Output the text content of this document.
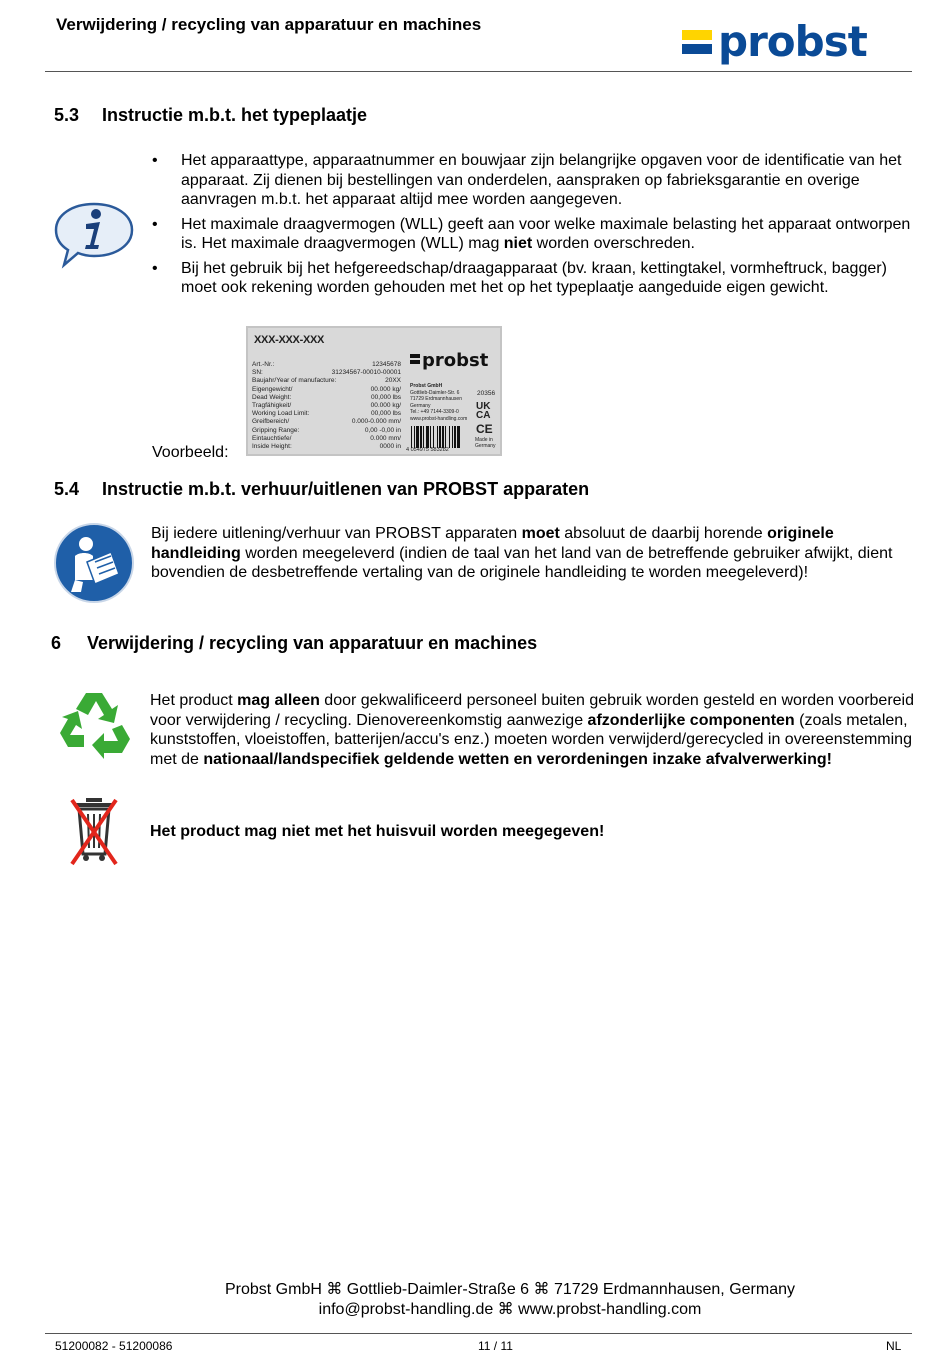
Verwijdering / recycling van apparatuur en machines	probst
5.3 Instructie m.b.t. het typeplaatje
• Het apparaattype, apparaatnummer en bouwjaar zijn belangrijke opgaven voor de identificatie van het apparaat. Zij dienen bij bestellingen van onderdelen, aanspraken op fabrieksgarantie en overige aanvragen m.b.t. het apparaat altijd mee worden aangegeven.
• Het maximale draagvermogen (WLL) geeft aan voor welke maximale belasting het apparaat ontworpen is. Het maximale draagvermogen (WLL) mag niet worden overschreden.
• Bij het gebruik bij het hefgereedschap/draagapparaat (bv. kraan, kettingtakel, vormheftruck, bagger) moet ook rekening worden gehouden met het op het typeplaatje aangeduide eigen gewicht.
Voorbeeld:
XXX-XXX-XXX
Art.-Nr.:	12345678
SN:	31234567-00010-00001
Baujahr/Year of manufacture:	20XX
Eigengewicht/	00.000 kg/
Dead Weight:	00,000 lbs
Tragfähigkeit/	00.000 kg/
Working Load Limit:	00,000 lbs
Greifbereich/	0.000-0.000 mm/
Gripping Range:	0,00 -0,00 in
Eintauchtiefe/	0.000 mm/
Inside Height:	0000 in
probst
Probst GmbH
Gottlieb-Daimler-Str. 6
71729 Erdmannhausen
Germany
Tel.: +49 7144-3309-0
www.probst-handling.com
20356
UK
CA
CE
Made in
Germany
4 054975 583282
5.4 Instructie m.b.t. verhuur/uitlenen van PROBST apparaten
Bij iedere uitlening/verhuur van PROBST apparaten moet absoluut de daarbij horende originele handleiding worden meegeleverd (indien de taal van het land van de betreffende gebruiker afwijkt, dient bovendien de desbetreffende vertaling van de originele handleiding te worden meegeleverd)!
6 Verwijdering / recycling van apparatuur en machines
Het product mag alleen door gekwalificeerd personeel buiten gebruik worden gesteld en worden voorbereid voor verwijdering / recycling. Dienovereenkomstig aanwezige afzonderlijke componenten (zoals metalen, kunststoffen, vloeistoffen, batterijen/accu's enz.) moeten worden verwijderd/gerecycled in overeenstemming met de nationaal/landspecifiek geldende wetten en verordeningen inzake afvalverwerking!
Het product mag niet met het huisvuil worden meegegeven!
Probst GmbH ⌘ Gottlieb-Daimler-Straße 6 ⌘ 71729 Erdmannhausen, Germany
info@probst-handling.de ⌘ www.probst-handling.com
51200082 - 51200086	11 / 11	NL
